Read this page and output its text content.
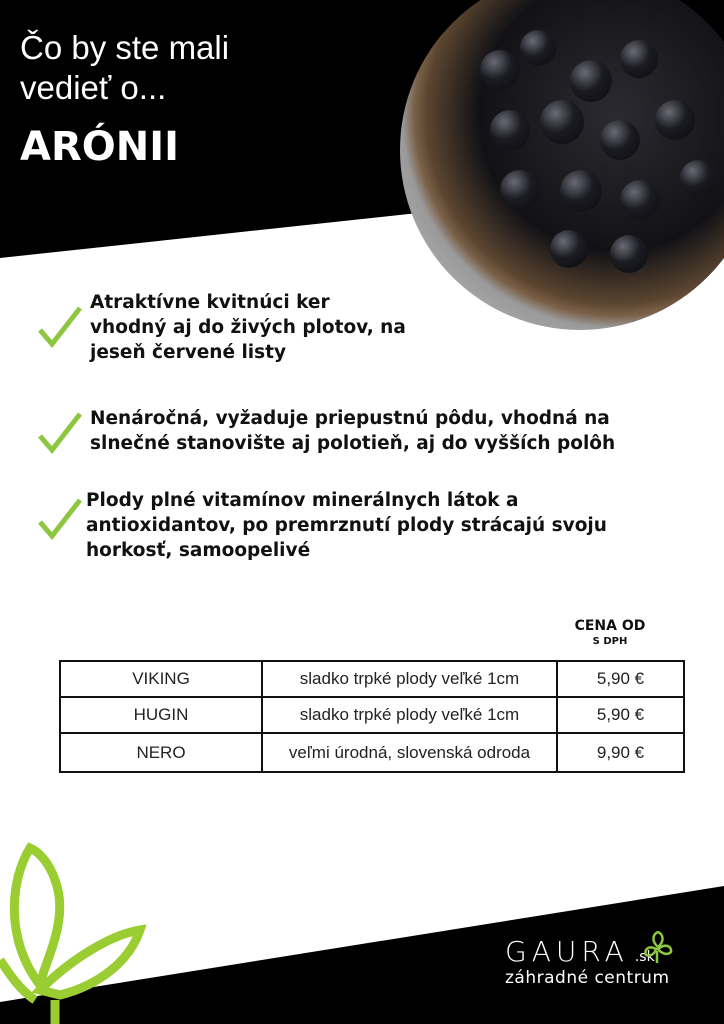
Čo by ste mali
vedieť o...
ARÓNII
Atraktívne kvitnúci ker
vhodný aj do živých plotov, na
jeseň červené listy
Nenáročná, vyžaduje priepustnú pôdu, vhodná na
slnečné stanovište aj polotieň, aj do vyšších polôh
Plody plné vitamínov minerálnych látok a
antioxidantov, po premrznutí plody strácajú svoju
horkosť, samoopelivé
CENA OD
S DPH
VIKING	sladko trpké plody veľké 1cm	5,90 €
HUGIN	sladko trpké plody veľké 1cm	5,90 €
NERO	veľmi úrodná, slovenská odroda	9,90 €
GAURA .sk
záhradné centrum
